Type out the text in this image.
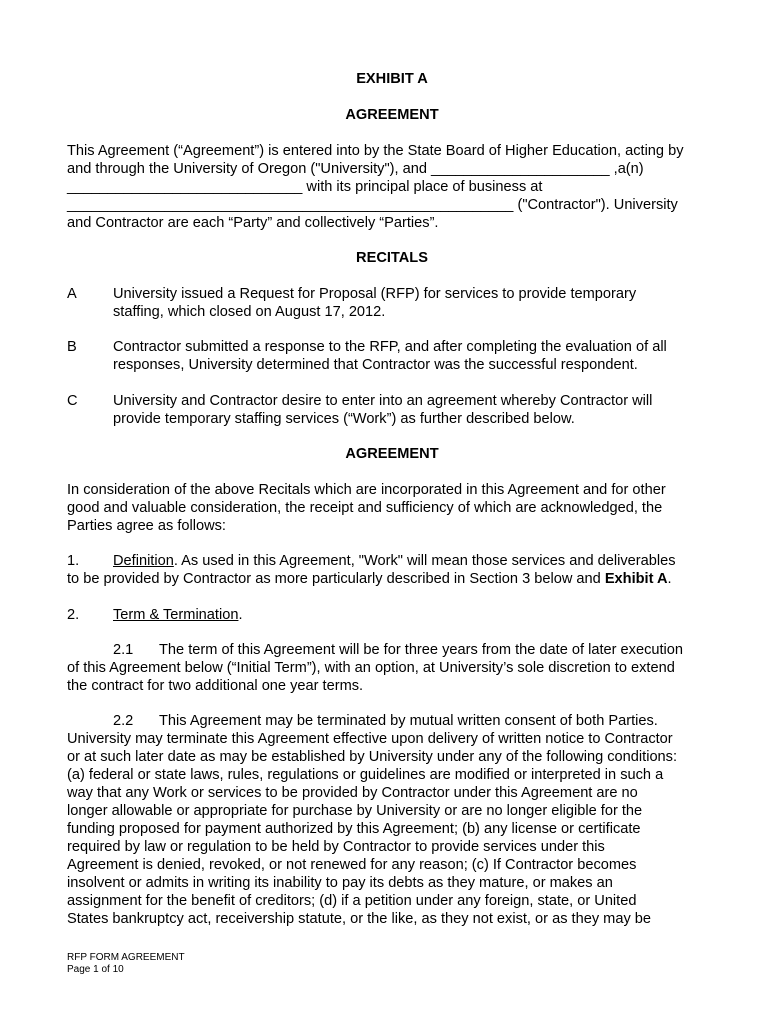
EXHIBIT A
AGREEMENT
This Agreement (“Agreement”) is entered into by the State Board of Higher Education, acting by
and through the University of Oregon ("University"), and ______________________ ,a(n)
_____________________________ with its principal place of business at
_______________________________________________________ ("Contractor"). University
and Contractor are each “Party” and collectively “Parties”.
RECITALS
A University issued a Request for Proposal (RFP) for services to provide temporary
staffing, which closed on August 17, 2012.
B Contractor submitted a response to the RFP, and after completing the evaluation of all
responses, University determined that Contractor was the successful respondent.
C University and Contractor desire to enter into an agreement whereby Contractor will
provide temporary staffing services (“Work”) as further described below.
AGREEMENT
In consideration of the above Recitals which are incorporated in this Agreement and for other
good and valuable consideration, the receipt and sufficiency of which are acknowledged, the
Parties agree as follows:
1. Definition. As used in this Agreement, "Work" will mean those services and deliverables
to be provided by Contractor as more particularly described in Section 3 below and Exhibit A.
2. Term & Termination.
2.1 The term of this Agreement will be for three years from the date of later execution
of this Agreement below (“Initial Term”), with an option, at University’s sole discretion to extend
the contract for two additional one year terms.
2.2 This Agreement may be terminated by mutual written consent of both Parties.
University may terminate this Agreement effective upon delivery of written notice to Contractor
or at such later date as may be established by University under any of the following conditions:
(a) federal or state laws, rules, regulations or guidelines are modified or interpreted in such a
way that any Work or services to be provided by Contractor under this Agreement are no
longer allowable or appropriate for purchase by University or are no longer eligible for the
funding proposed for payment authorized by this Agreement; (b) any license or certificate
required by law or regulation to be held by Contractor to provide services under this
Agreement is denied, revoked, or not renewed for any reason; (c) If Contractor becomes
insolvent or admits in writing its inability to pay its debts as they mature, or makes an
assignment for the benefit of creditors; (d) if a petition under any foreign, state, or United
States bankruptcy act, receivership statute, or the like, as they not exist, or as they may be
RFP FORM AGREEMENT
Page 1 of 10
